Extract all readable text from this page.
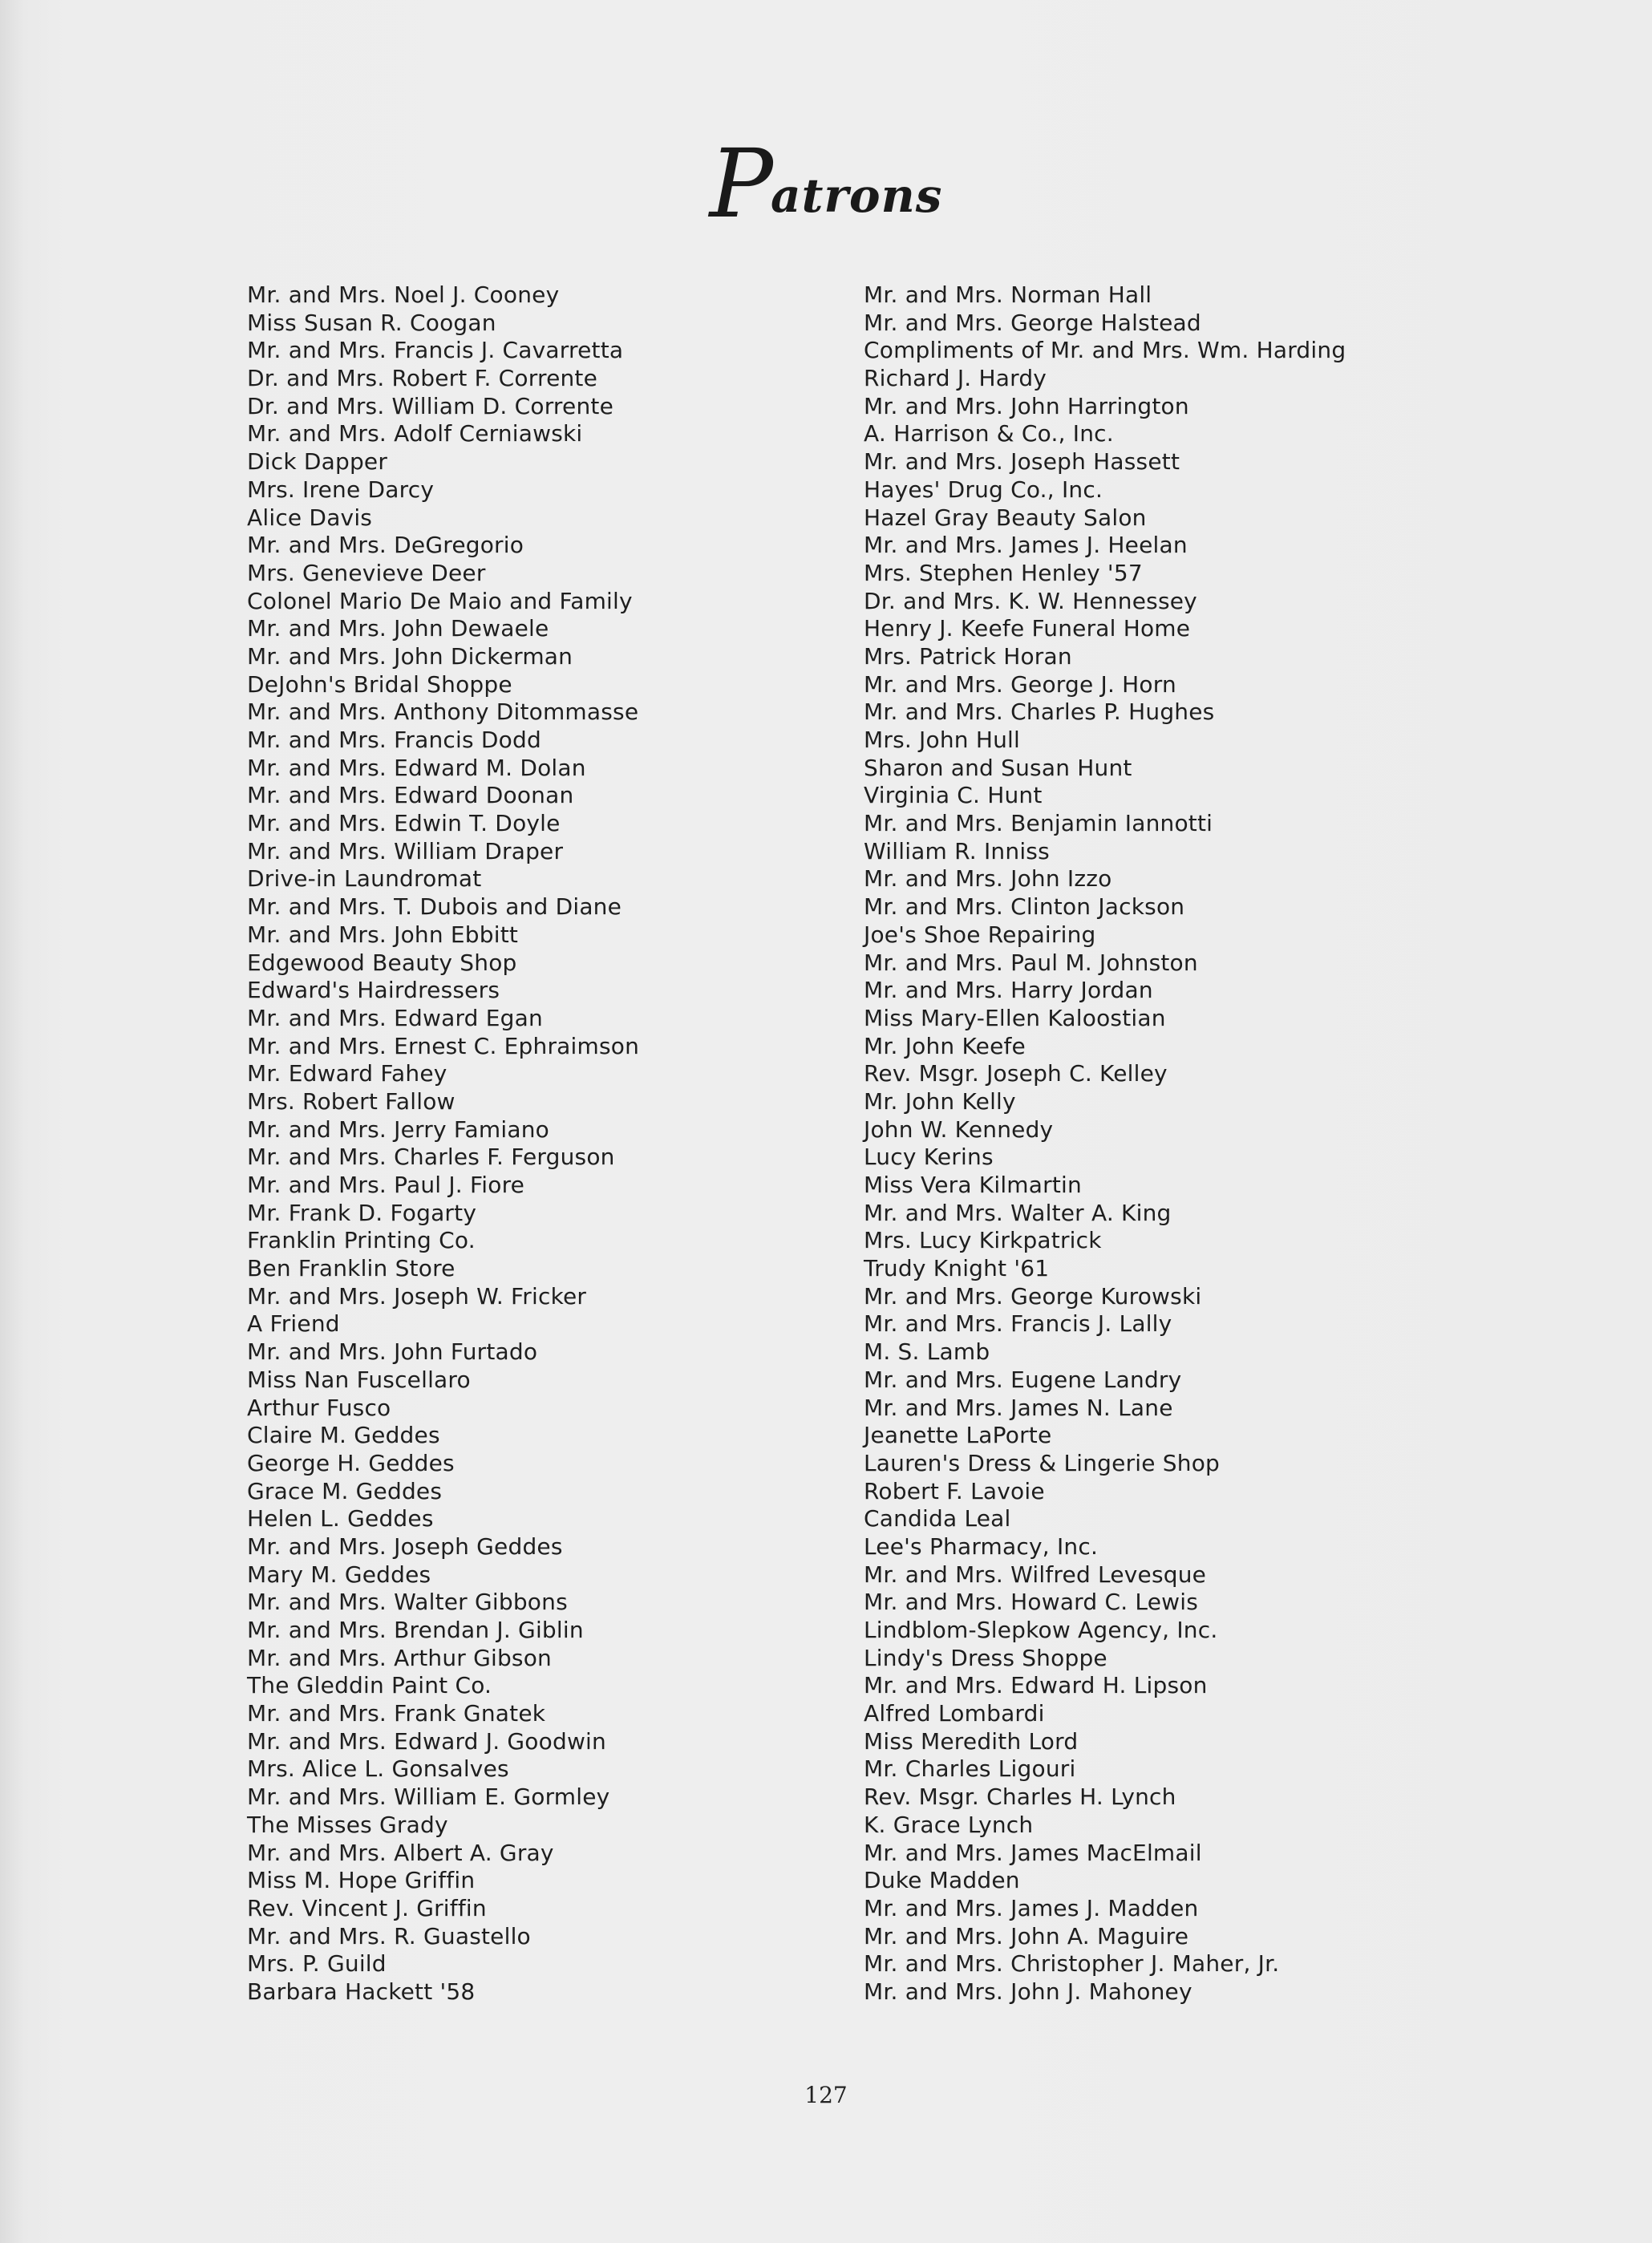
Patrons
Mr. and Mrs. Noel J. Cooney
Miss Susan R. Coogan
Mr. and Mrs. Francis J. Cavarretta
Dr. and Mrs. Robert F. Corrente
Dr. and Mrs. William D. Corrente
Mr. and Mrs. Adolf Cerniawski
Dick Dapper
Mrs. Irene Darcy
Alice Davis
Mr. and Mrs. DeGregorio
Mrs. Genevieve Deer
Colonel Mario De Maio and Family
Mr. and Mrs. John Dewaele
Mr. and Mrs. John Dickerman
DeJohn's Bridal Shoppe
Mr. and Mrs. Anthony Ditommasse
Mr. and Mrs. Francis Dodd
Mr. and Mrs. Edward M. Dolan
Mr. and Mrs. Edward Doonan
Mr. and Mrs. Edwin T. Doyle
Mr. and Mrs. William Draper
Drive-in Laundromat
Mr. and Mrs. T. Dubois and Diane
Mr. and Mrs. John Ebbitt
Edgewood Beauty Shop
Edward's Hairdressers
Mr. and Mrs. Edward Egan
Mr. and Mrs. Ernest C. Ephraimson
Mr. Edward Fahey
Mrs. Robert Fallow
Mr. and Mrs. Jerry Famiano
Mr. and Mrs. Charles F. Ferguson
Mr. and Mrs. Paul J. Fiore
Mr. Frank D. Fogarty
Franklin Printing Co.
Ben Franklin Store
Mr. and Mrs. Joseph W. Fricker
A Friend
Mr. and Mrs. John Furtado
Miss Nan Fuscellaro
Arthur Fusco
Claire M. Geddes
George H. Geddes
Grace M. Geddes
Helen L. Geddes
Mr. and Mrs. Joseph Geddes
Mary M. Geddes
Mr. and Mrs. Walter Gibbons
Mr. and Mrs. Brendan J. Giblin
Mr. and Mrs. Arthur Gibson
The Gleddin Paint Co.
Mr. and Mrs. Frank Gnatek
Mr. and Mrs. Edward J. Goodwin
Mrs. Alice L. Gonsalves
Mr. and Mrs. William E. Gormley
The Misses Grady
Mr. and Mrs. Albert A. Gray
Miss M. Hope Griffin
Rev. Vincent J. Griffin
Mr. and Mrs. R. Guastello
Mrs. P. Guild
Barbara Hackett '58
Mr. and Mrs. Norman Hall
Mr. and Mrs. George Halstead
Compliments of Mr. and Mrs. Wm. Harding
Richard J. Hardy
Mr. and Mrs. John Harrington
A. Harrison & Co., Inc.
Mr. and Mrs. Joseph Hassett
Hayes' Drug Co., Inc.
Hazel Gray Beauty Salon
Mr. and Mrs. James J. Heelan
Mrs. Stephen Henley '57
Dr. and Mrs. K. W. Hennessey
Henry J. Keefe Funeral Home
Mrs. Patrick Horan
Mr. and Mrs. George J. Horn
Mr. and Mrs. Charles P. Hughes
Mrs. John Hull
Sharon and Susan Hunt
Virginia C. Hunt
Mr. and Mrs. Benjamin Iannotti
William R. Inniss
Mr. and Mrs. John Izzo
Mr. and Mrs. Clinton Jackson
Joe's Shoe Repairing
Mr. and Mrs. Paul M. Johnston
Mr. and Mrs. Harry Jordan
Miss Mary-Ellen Kaloostian
Mr. John Keefe
Rev. Msgr. Joseph C. Kelley
Mr. John Kelly
John W. Kennedy
Lucy Kerins
Miss Vera Kilmartin
Mr. and Mrs. Walter A. King
Mrs. Lucy Kirkpatrick
Trudy Knight '61
Mr. and Mrs. George Kurowski
Mr. and Mrs. Francis J. Lally
M. S. Lamb
Mr. and Mrs. Eugene Landry
Mr. and Mrs. James N. Lane
Jeanette LaPorte
Lauren's Dress & Lingerie Shop
Robert F. Lavoie
Candida Leal
Lee's Pharmacy, Inc.
Mr. and Mrs. Wilfred Levesque
Mr. and Mrs. Howard C. Lewis
Lindblom-Slepkow Agency, Inc.
Lindy's Dress Shoppe
Mr. and Mrs. Edward H. Lipson
Alfred Lombardi
Miss Meredith Lord
Mr. Charles Ligouri
Rev. Msgr. Charles H. Lynch
K. Grace Lynch
Mr. and Mrs. James MacElmail
Duke Madden
Mr. and Mrs. James J. Madden
Mr. and Mrs. John A. Maguire
Mr. and Mrs. Christopher J. Maher, Jr.
Mr. and Mrs. John J. Mahoney
127
